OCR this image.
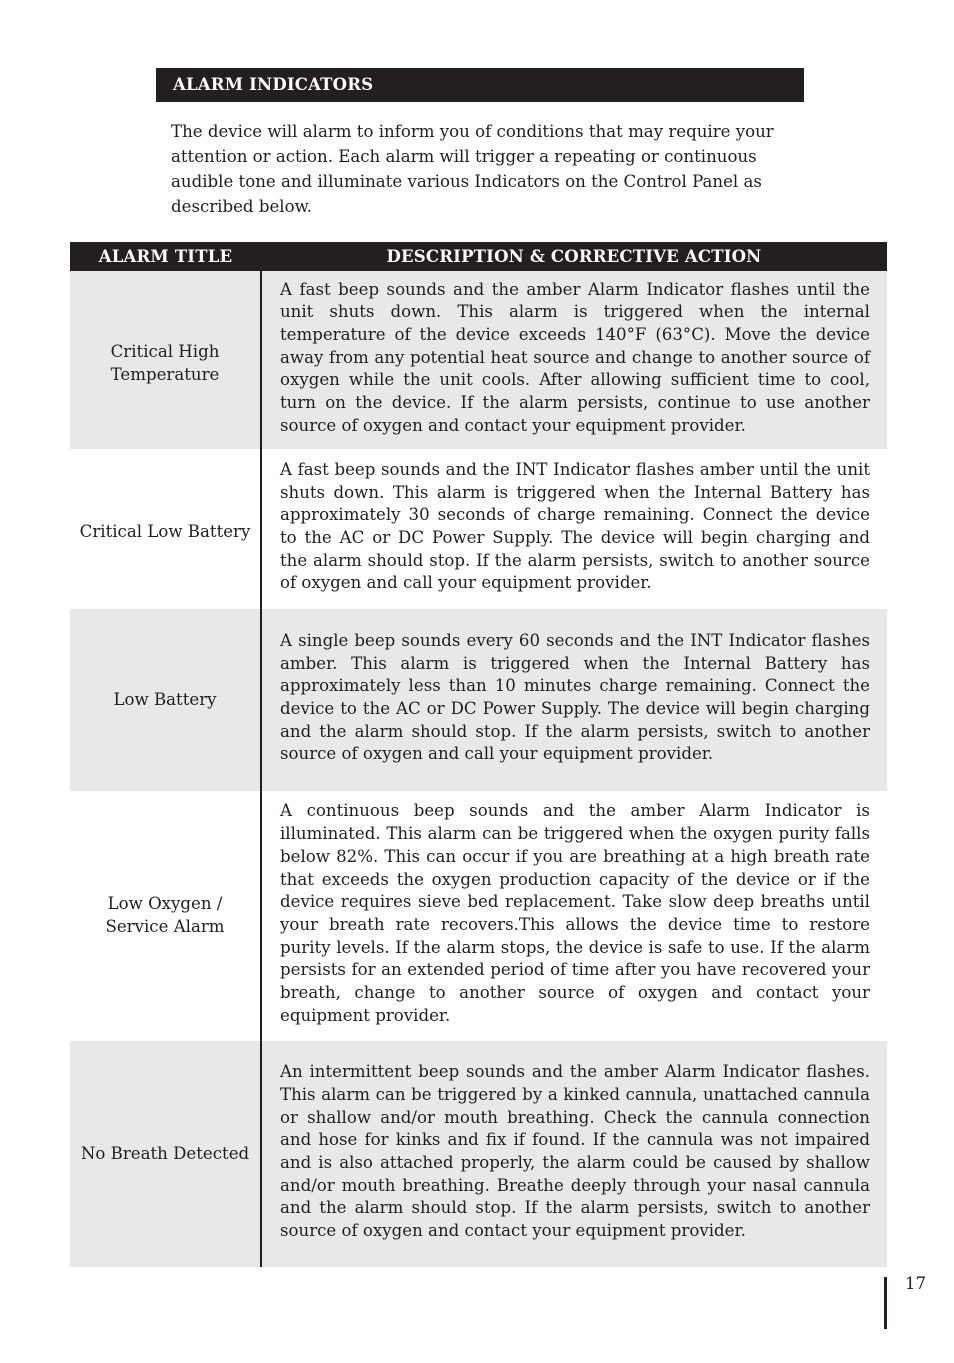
ALARM INDICATORS

The device will alarm to inform you of conditions that may require your attention or action. Each alarm will trigger a repeating or continuous audible tone and illuminate various Indicators on the Control Panel as described below.

ALARM TITLE	DESCRIPTION & CORRECTIVE ACTION
Critical High Temperature	A fast beep sounds and the amber Alarm Indicator flashes until the unit shuts down. This alarm is triggered when the internal temperature of the device exceeds 140°F (63°C). Move the device away from any potential heat source and change to another source of oxygen while the unit cools. After allowing sufficient time to cool, turn on the device. If the alarm persists, continue to use another source of oxygen and contact your equipment provider.
Critical Low Battery	A fast beep sounds and the INT Indicator flashes amber until the unit shuts down. This alarm is triggered when the Internal Battery has approximately 30 seconds of charge remaining. Connect the device to the AC or DC Power Supply. The device will begin charging and the alarm should stop. If the alarm persists, switch to another source of oxygen and call your equipment provider.
Low Battery	A single beep sounds every 60 seconds and the INT Indicator flashes amber. This alarm is triggered when the Internal Battery has approximately less than 10 minutes charge remaining. Connect the device to the AC or DC Power Supply. The device will begin charging and the alarm should stop. If the alarm persists, switch to another source of oxygen and call your equipment provider.
Low Oxygen / Service Alarm	A continuous beep sounds and the amber Alarm Indicator is illuminated. This alarm can be triggered when the oxygen purity falls below 82%. This can occur if you are breathing at a high breath rate that exceeds the oxygen production capacity of the device or if the device requires sieve bed replacement. Take slow deep breaths until your breath rate recovers.This allows the device time to restore purity levels. If the alarm stops, the device is safe to use. If the alarm persists for an extended period of time after you have recovered your breath, change to another source of oxygen and contact your equipment provider.
No Breath Detected	An intermittent beep sounds and the amber Alarm Indicator flashes. This alarm can be triggered by a kinked cannula, unattached cannula or shallow and/or mouth breathing. Check the cannula connection and hose for kinks and fix if found. If the cannula was not impaired and is also attached properly, the alarm could be caused by shallow and/or mouth breathing. Breathe deeply through your nasal cannula and the alarm should stop. If the alarm persists, switch to another source of oxygen and contact your equipment provider.
17
